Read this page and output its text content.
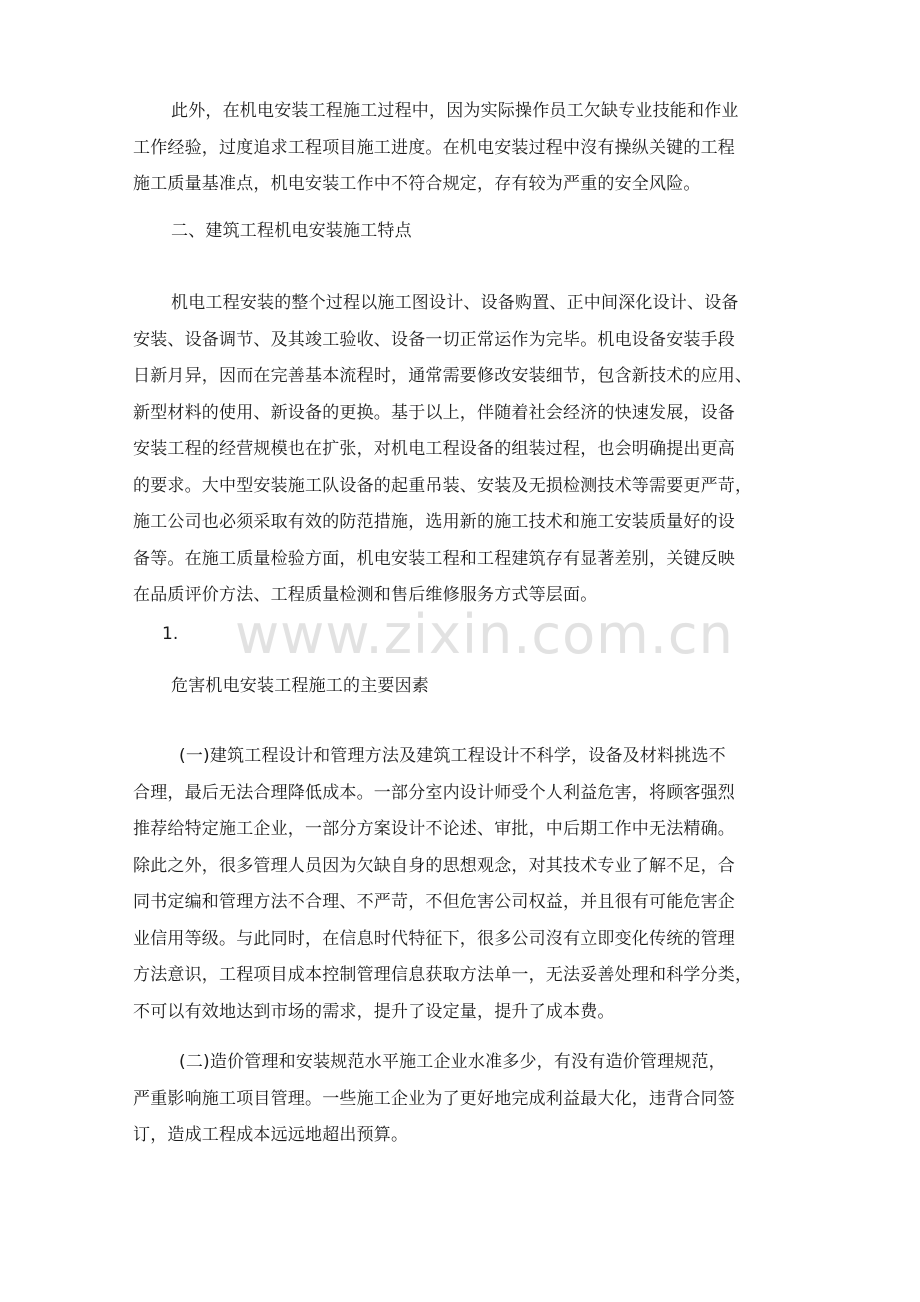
此外，在机电安装工程施工过程中，因为实际操作员工欠缺专业技能和作业
工作经验，过度追求工程项目施工进度。在机电安装过程中沒有操纵关键的工程
施工质量基准点，机电安装工作中不符合规定，存有较为严重的安全风险。
二、建筑工程机电安装施工特点
机电工程安装的整个过程以施工图设计、设备购置、正中间深化设计、设备
安装、设备调节、及其竣工验收、设备一切正常运作为完毕。机电设备安装手段
日新月异，因而在完善基本流程时，通常需要修改安装细节，包含新技术的应用、
新型材料的使用、新设备的更换。基于以上，伴随着社会经济的快速发展，设备
安装工程的经营规模也在扩张，对机电工程设备的组装过程，也会明确提出更高
的要求。大中型安装施工队设备的起重吊装、安装及无损检测技术等需要更严苛，
施工公司也必须采取有效的防范措施，选用新的施工技术和施工安装质量好的设
备等。在施工质量检验方面，机电安装工程和工程建筑存有显著差别，关键反映
在品质评价方法、工程质量检测和售后维修服务方式等层面。
www.zixin.com.cn
1.
危害机电安装工程施工的主要因素
(一)建筑工程设计和管理方法及建筑工程设计不科学，设备及材料挑选不
合理，最后无法合理降低成本。一部分室内设计师受个人利益危害，将顾客强烈
推荐给特定施工企业，一部分方案设计不论述、审批，中后期工作中无法精确。
除此之外，很多管理人员因为欠缺自身的思想观念，对其技术专业了解不足，合
同书定编和管理方法不合理、不严苛，不但危害公司权益，并且很有可能危害企
业信用等级。与此同时，在信息时代特征下，很多公司沒有立即变化传统的管理
方法意识，工程项目成本控制管理信息获取方法单一，无法妥善处理和科学分类，
不可以有效地达到市场的需求，提升了设定量，提升了成本费。
(二)造价管理和安装规范水平施工企业水准多少，有没有造价管理规范，
严重影响施工项目管理。一些施工企业为了更好地完成利益最大化，违背合同签
订，造成工程成本远远地超出预算。
